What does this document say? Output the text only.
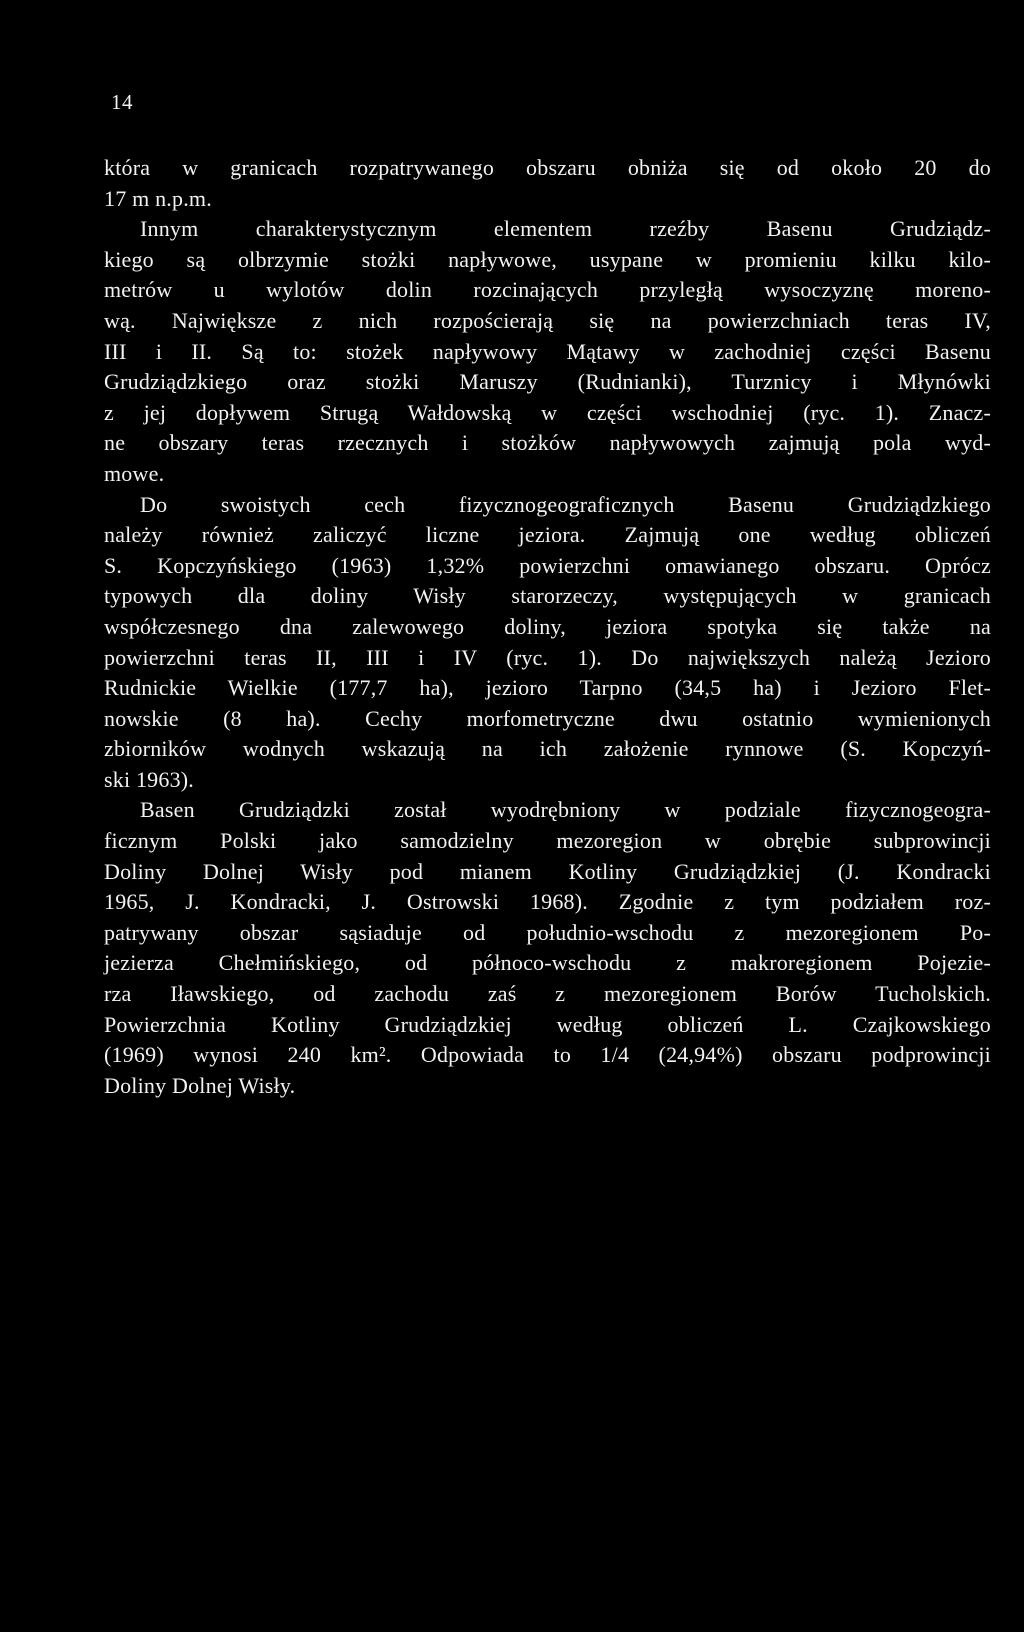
14
która w granicach rozpatrywanego obszaru obniża się od około 20 do
17 m n.p.m.
Innym charakterystycznym elementem rzeźby Basenu Grudziądz-
kiego są olbrzymie stożki napływowe, usypane w promieniu kilku kilo-
metrów u wylotów dolin rozcinających przyległą wysoczyznę moreno-
wą. Największe z nich rozpościerają się na powierzchniach teras IV,
III i II. Są to: stożek napływowy Mątawy w zachodniej części Basenu
Grudziądzkiego oraz stożki Maruszy (Rudnianki), Turznicy i Młynówki
z jej dopływem Strugą Wałdowską w części wschodniej (ryc. 1). Znacz-
ne obszary teras rzecznych i stożków napływowych zajmują pola wyd-
mowe.
Do swoistych cech fizycznogeograficznych Basenu Grudziądzkiego
należy również zaliczyć liczne jeziora. Zajmują one według obliczeń
S. Kopczyńskiego (1963) 1,32% powierzchni omawianego obszaru. Oprócz
typowych dla doliny Wisły starorzeczy, występujących w granicach
współczesnego dna zalewowego doliny, jeziora spotyka się także na
powierzchni teras II, III i IV (ryc. 1). Do największych należą Jezioro
Rudnickie Wielkie (177,7 ha), jezioro Tarpno (34,5 ha) i Jezioro Flet-
nowskie (8 ha). Cechy morfometryczne dwu ostatnio wymienionych
zbiorników wodnych wskazują na ich założenie rynnowe (S. Kopczyń-
ski 1963).
Basen Grudziądzki został wyodrębniony w podziale fizycznogeogra-
ficznym Polski jako samodzielny mezoregion w obrębie subprowincji
Doliny Dolnej Wisły pod mianem Kotliny Grudziądzkiej (J. Kondracki
1965, J. Kondracki, J. Ostrowski 1968). Zgodnie z tym podziałem roz-
patrywany obszar sąsiaduje od południo-wschodu z mezoregionem Po-
jezierza Chełmińskiego, od północo-wschodu z makroregionem Pojezie-
rza Iławskiego, od zachodu zaś z mezoregionem Borów Tucholskich.
Powierzchnia Kotliny Grudziądzkiej według obliczeń L. Czajkowskiego
(1969) wynosi 240 km². Odpowiada to 1/4 (24,94%) obszaru podprowincji
Doliny Dolnej Wisły.
